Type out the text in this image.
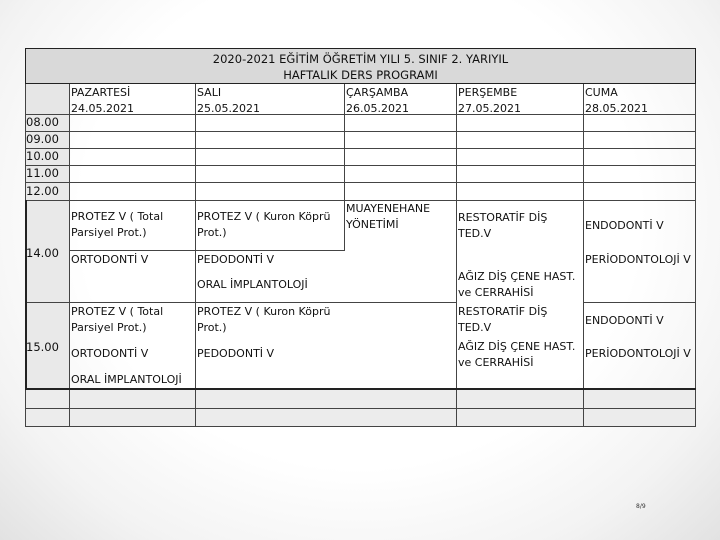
2020-2021 EĞİTİM ÖĞRETİM YILI 5. SINIF 2. YARIYIL
HAFTALIK DERS PROGRAMI
PAZARTESİ
24.05.2021
SALI
25.05.2021
ÇARŞAMBA
26.05.2021
PERŞEMBE
27.05.2021
CUMA
28.05.2021
08.00
09.00
10.00
11.00
12.00
14.00
15.00
PROTEZ V ( Total
Parsiyel Prot.)
ORTODONTİ V
PROTEZ V ( Kuron Köprü
Prot.)
PEDODONTİ V
ORAL İMPLANTOLOJİ
MUAYENEHANE
YÖNETİMİ
RESTORATİF DİŞ
TED.V
AĞIZ DİŞ ÇENE HAST.
ve CERRAHİSİ
ENDODONTİ V
PERİODONTOLOJİ V
PROTEZ V ( Total
Parsiyel Prot.)
ORTODONTİ V
ORAL İMPLANTOLOJİ
PROTEZ V ( Kuron Köprü
Prot.)
PEDODONTİ V
RESTORATİF DİŞ
TED.V
AĞIZ DİŞ ÇENE HAST.
ve CERRAHİSİ
ENDODONTİ V
PERİODONTOLOJİ V
8/9
